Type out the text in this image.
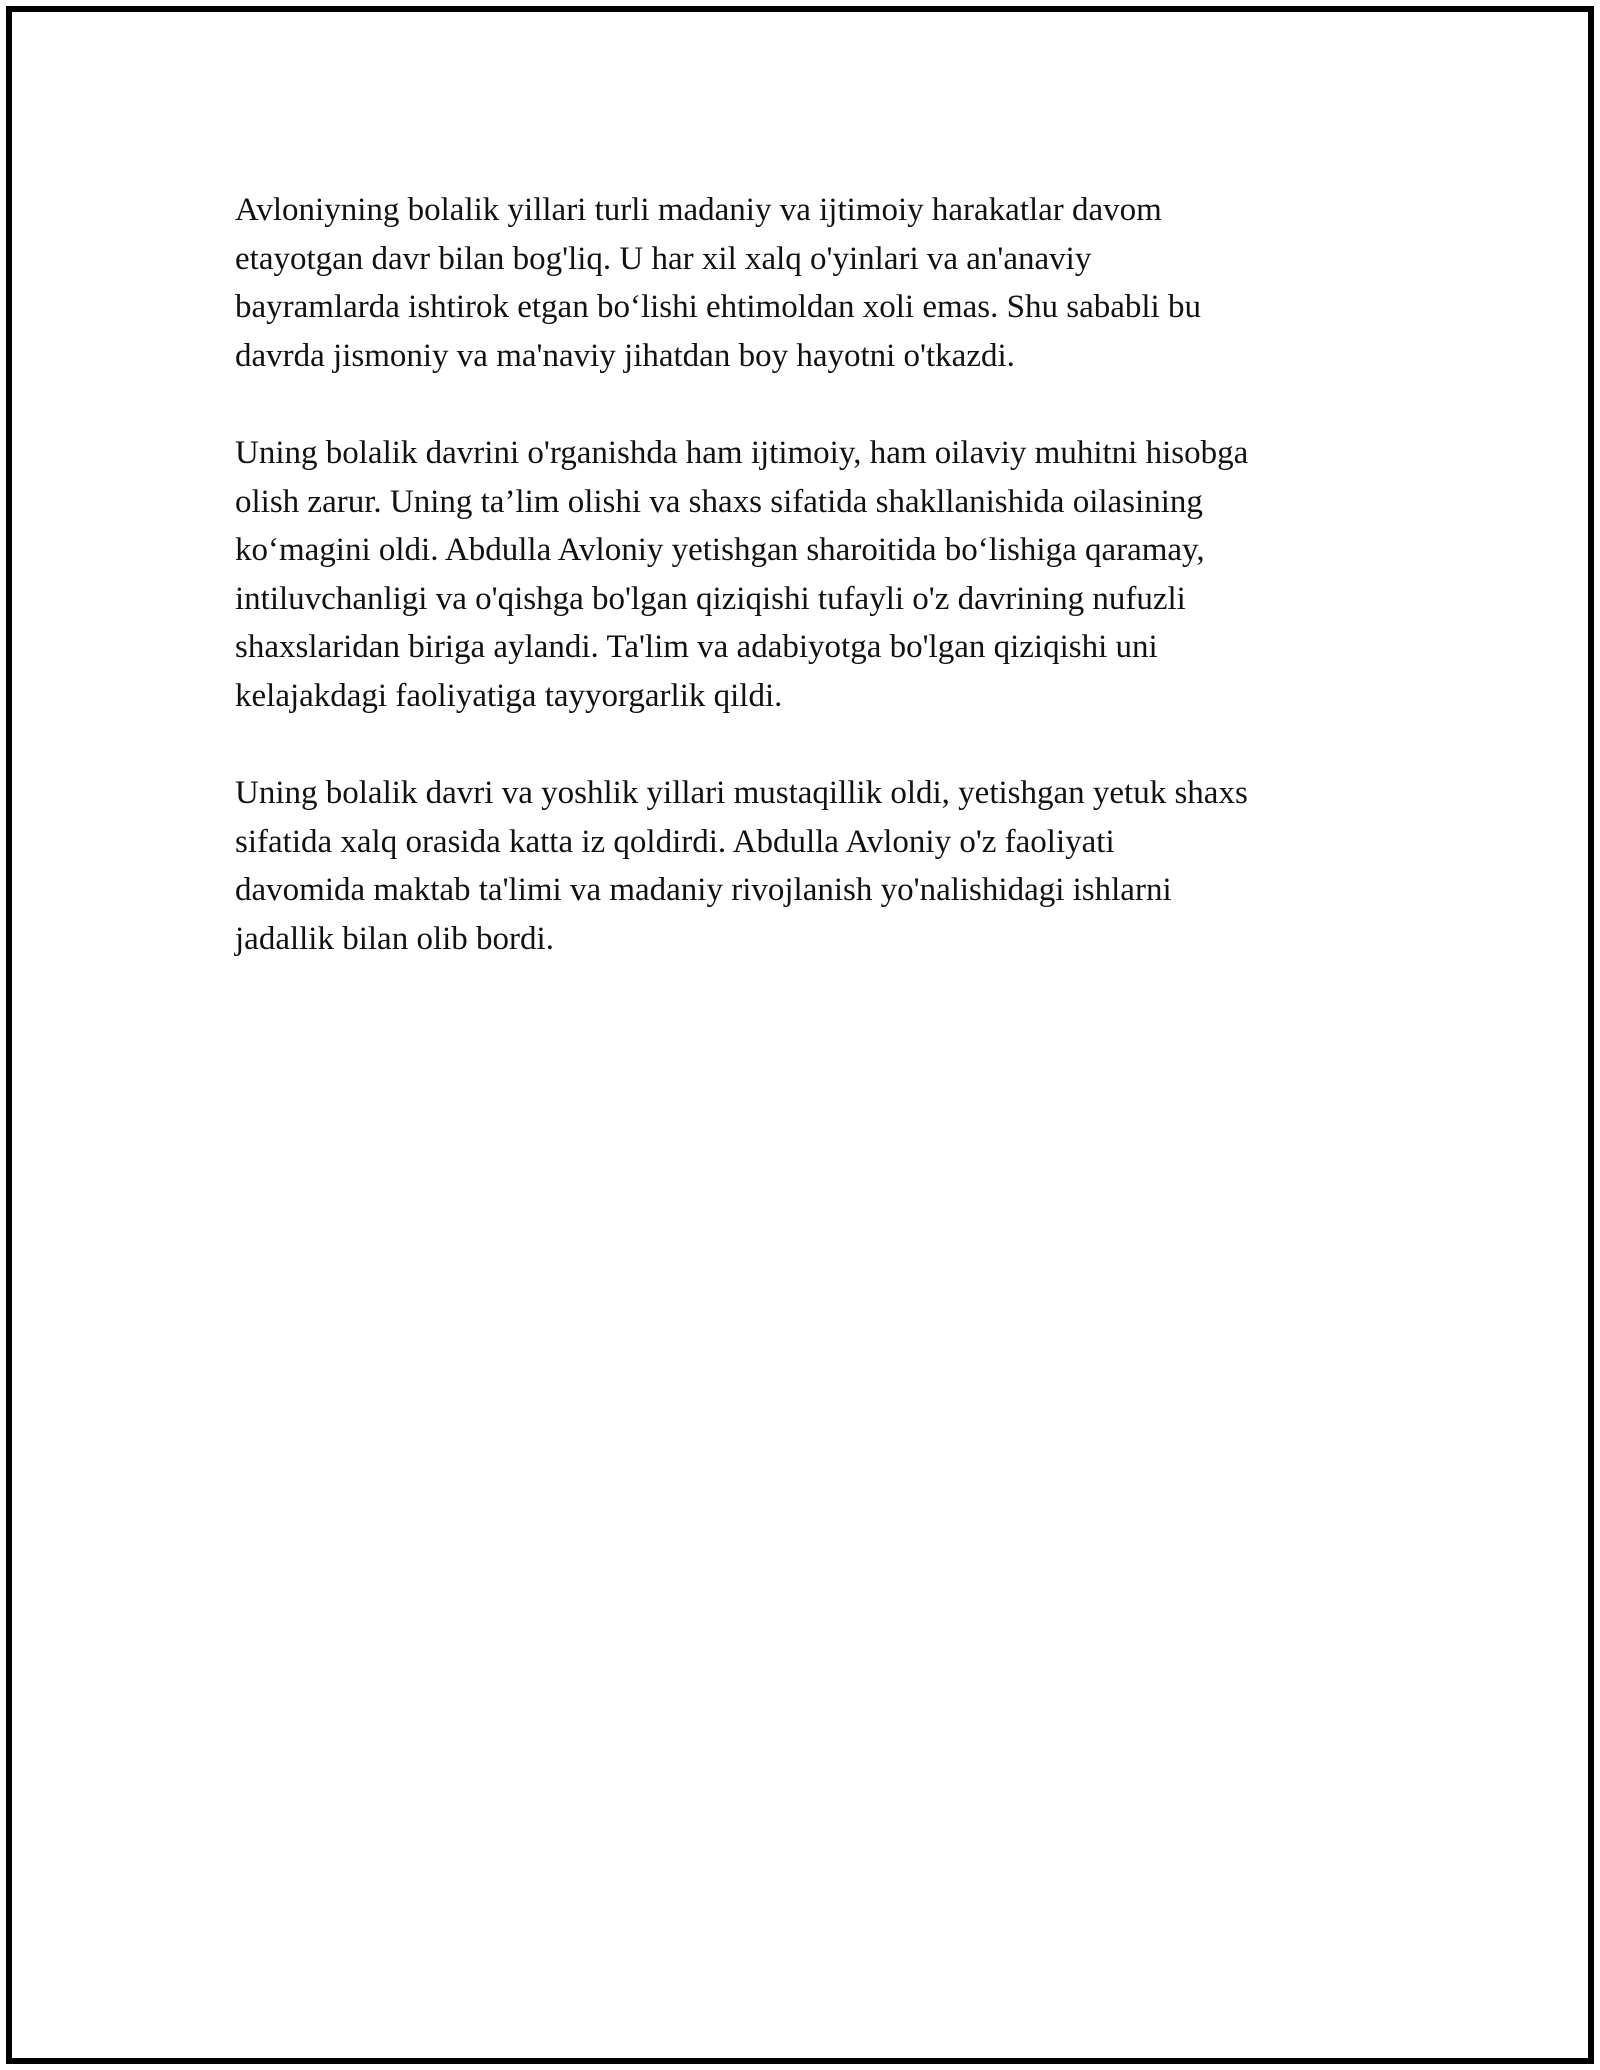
Avloniyning bolalik yillari turli madaniy va ijtimoiy harakatlar davom
etayotgan davr bilan bog'liq. U har xil xalq o'yinlari va an'anaviy
bayramlarda ishtirok etgan bo‘lishi ehtimoldan xoli emas. Shu sababli bu
davrda jismoniy va ma'naviy jihatdan boy hayotni o'tkazdi.

Uning bolalik davrini o'rganishda ham ijtimoiy, ham oilaviy muhitni hisobga
olish zarur. Uning ta’lim olishi va shaxs sifatida shakllanishida oilasining
ko‘magini oldi. Abdulla Avloniy yetishgan sharoitida bo‘lishiga qaramay,
intiluvchanligi va o'qishga bo'lgan qiziqishi tufayli o'z davrining nufuzli
shaxslaridan biriga aylandi. Ta'lim va adabiyotga bo'lgan qiziqishi uni
kelajakdagi faoliyatiga tayyorgarlik qildi.

Uning bolalik davri va yoshlik yillari mustaqillik oldi, yetishgan yetuk shaxs
sifatida xalq orasida katta iz qoldirdi. Abdulla Avloniy o'z faoliyati
davomida maktab ta'limi va madaniy rivojlanish yo'nalishidagi ishlarni
jadallik bilan olib bordi.
